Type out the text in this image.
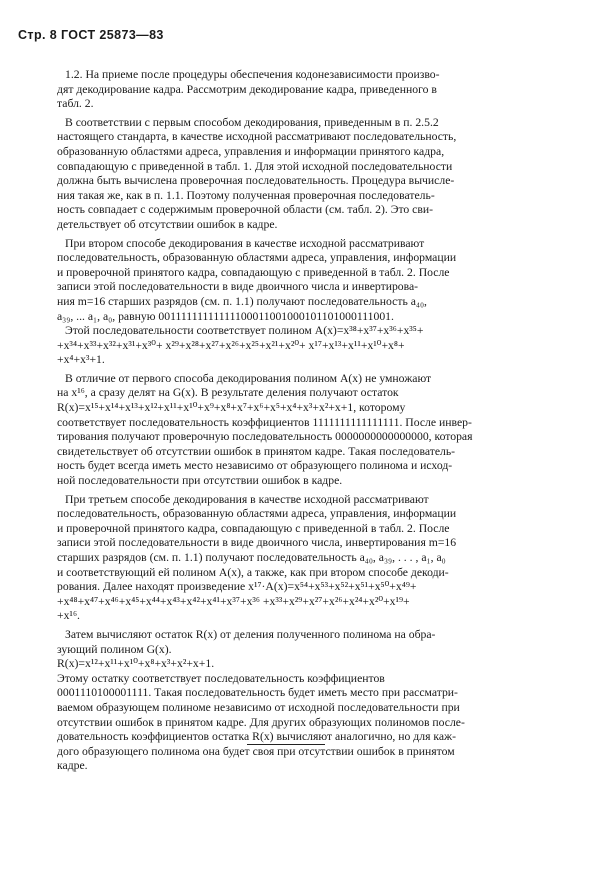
Стр. 8 ГОСТ 25873—83

1.2. На приеме после процедуры обеспечения кодонезависимости произво-
дят декодирование кадра. Рассмотрим декодирование кадра, приведенного в
табл. 2.

В соответствии с первым способом декодирования, приведенным в п. 2.5.2
настоящего стандарта, в качестве исходной рассматривают последовательность,
образованную областями адреса, управления и информации принятого кадра,
совпадающую с приведенной в табл. 1. Для этой исходной последовательности
должна быть вычислена проверочная последовательность. Процедура вычисле-
ния такая же, как в п. 1.1. Поэтому полученная проверочная последователь-
ность совпадает с содержимым проверочной области (см. табл. 2). Это сви-
детельствует об отсутствии ошибок в кадре.

При втором способе декодирования в качестве исходной рассматривают
последовательность, образованную областями адреса, управления, информации
и проверочной принятого кадра, совпадающую с приведенной в табл. 2. После
записи этой последовательности в виде двоичного числа и инвертирова-
ния m=16 старших разрядов (см. п. 1.1) получают последовательность a₄₀,
a₃₉, ... a₁, a₀, равную 00111111111111100011001000101101000111001.
Этой последовательности соответствует полином A(x)=x³⁸+x³⁷+x³⁶+x³⁵+
+x³⁴+x³³+x³²+x³¹+x³⁰+ x²⁹+x²⁸+x²⁷+x²⁶+x²⁵+x²¹+x²⁰+ x¹⁷+x¹³+x¹¹+x¹⁰+x⁸+
+x⁴+x³+1.

В отличие от первого способа декодирования полином A(x) не умножают
на x¹⁶, а сразу делят на G(x). В результате деления получают остаток
R(x)=x¹⁵+x¹⁴+x¹³+x¹²+x¹¹+x¹⁰+x⁹+x⁸+x⁷+x⁶+x⁵+x⁴+x³+x²+x+1, которому
соответствует последовательность коэффициентов 1111111111111111. После инвер-
тирования получают проверочную последовательность 0000000000000000, которая
свидетельствует об отсутствии ошибок в принятом кадре. Такая последователь-
ность будет всегда иметь место независимо от образующего полинома и исход-
ной последовательности при отсутствии ошибок в кадре.

При третьем способе декодирования в качестве исходной рассматривают
последовательность, образованную областями адреса, управления, информации
и проверочной принятого кадра, совпадающую с приведенной в табл. 2. После
записи этой последовательности в виде двоичного числа, инвертирования m=16
старших разрядов (см. п. 1.1) получают последовательность a₄₀, a₃₉, . . . , a₁, a₀
и соответствующий ей полином A(x), а также, как при втором способе декоди-
рования. Далее находят произведение x¹⁷·A(x)=x⁵⁴+x⁵³+x⁵²+x⁵¹+x⁵⁰+x⁴⁹+
+x⁴⁸+x⁴⁷+x⁴⁶+x⁴⁵+x⁴⁴+x⁴³+x⁴²+x⁴¹+x³⁷+x³⁶ +x³³+x²⁹+x²⁷+x²⁶+x²⁴+x²⁰+x¹⁹+
+x¹⁶.

Затем вычисляют остаток R(x) от деления полученного полинома на обра-
зующий полином G(x).
R(x)=x¹²+x¹¹+x¹⁰+x⁸+x³+x²+x+1.
Этому остатку соответствует последовательность коэффициентов
0001110100001111. Такая последовательность будет иметь место при рассматри-
ваемом образующем полиноме независимо от исходной последовательности при
отсутствии ошибок в принятом кадре. Для других образующих полиномов после-
довательность коэффициентов остатка R(x) вычисляют аналогично, но для каж-
дого образующего полинома она будет своя при отсутствии ошибок в принятом
кадре.
